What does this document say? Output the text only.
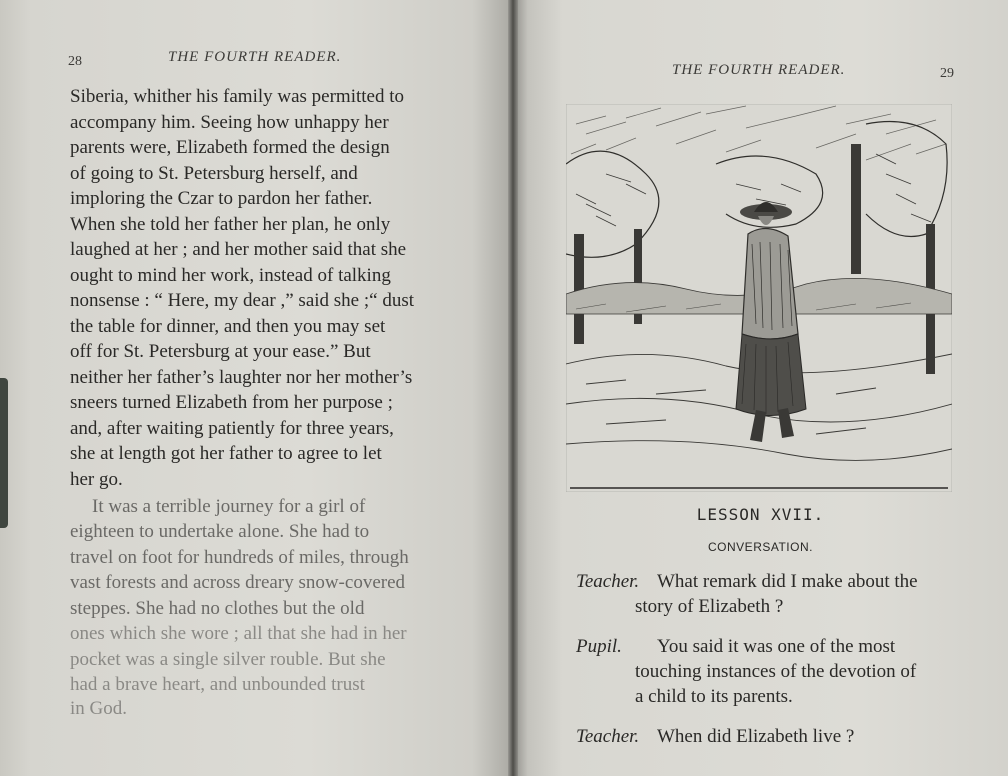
28	THE FOURTH READER.
Siberia, whither his family was permitted to
accompany him. Seeing how unhappy her
parents were, Elizabeth formed the design
of going to St. Petersburg herself, and
imploring the Czar to pardon her father.
When she told her father her plan, he only
laughed at her ; and her mother said that she
ought to mind her work, instead of talking
nonsense : “ Here, my dear ,” said she ;“ dust
the table for dinner, and then you may set
off for St. Petersburg at your ease.” But
neither her father’s laughter nor her mother’s
sneers turned Elizabeth from her purpose ;
and, after waiting patiently for three years,
she at length got her father to agree to let
her go.
It was a terrible journey for a girl of
eighteen to undertake alone. She had to
travel on foot for hundreds of miles, through
vast forests and across dreary snow-covered
steppes. She had no clothes but the old
ones which she wore ; all that she had in her
pocket was a single silver rouble. But she
had a brave heart, and unbounded trust
in God.
THE FOURTH READER.	29
LESSON XVII.
CONVERSATION.
Teacher. What remark did I make about the
story of Elizabeth ?
Pupil. You said it was one of the most
touching instances of the devotion of
a child to its parents.
Teacher. When did Elizabeth live ?
